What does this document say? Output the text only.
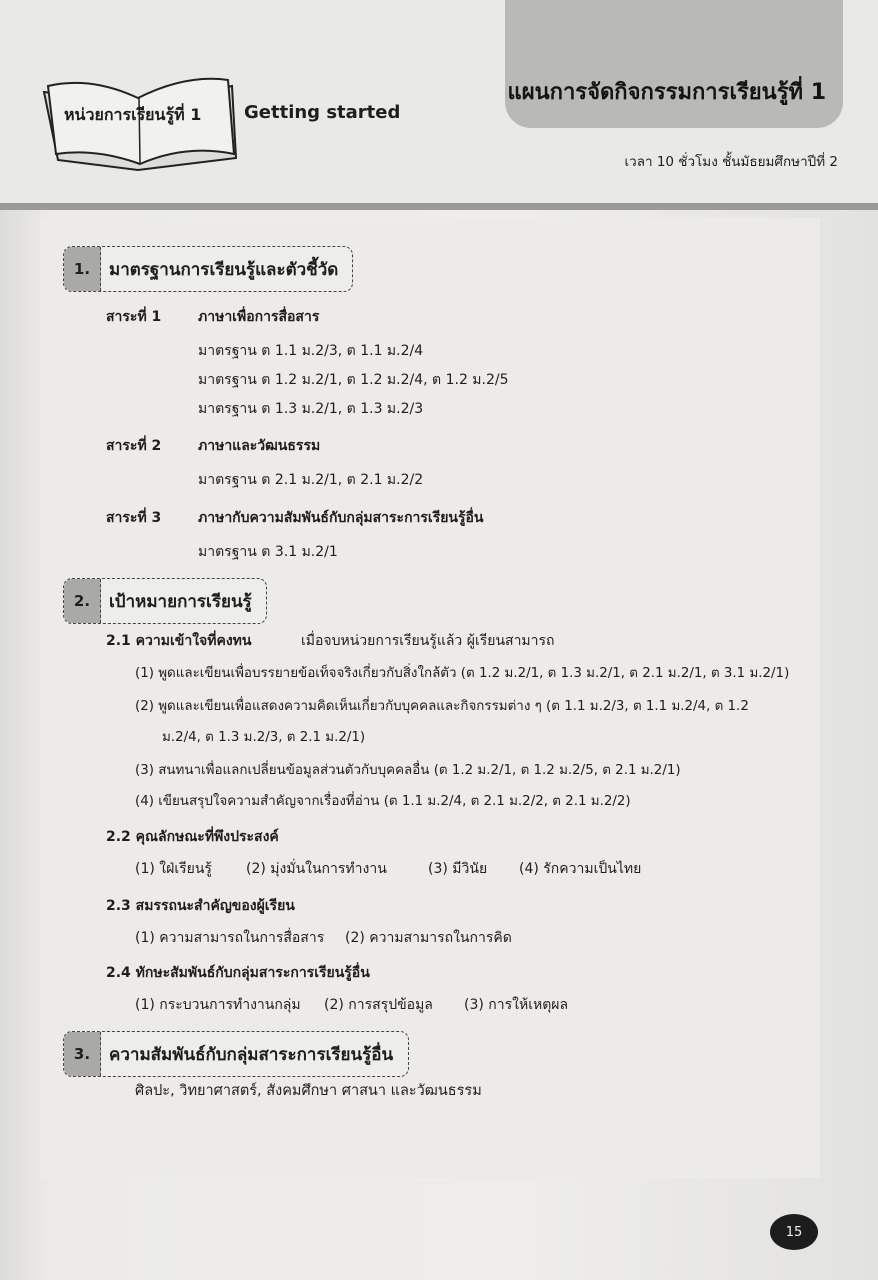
แผนการจัดกิจกรรมการเรียนรู้ที่ 1
หน่วยการเรียนรู้ที่ 1 Getting started
เวลา 10 ชั่วโมง ชั้นมัธยมศึกษาปีที่ 2
1.	มาตรฐานการเรียนรู้และตัวชี้วัด
สาระที่ 1	ภาษาเพื่อการสื่อสาร
มาตรฐาน ต 1.1 ม.2/3, ต 1.1 ม.2/4
มาตรฐาน ต 1.2 ม.2/1, ต 1.2 ม.2/4, ต 1.2 ม.2/5
มาตรฐาน ต 1.3 ม.2/1, ต 1.3 ม.2/3
สาระที่ 2	ภาษาและวัฒนธรรม
มาตรฐาน ต 2.1 ม.2/1, ต 2.1 ม.2/2
สาระที่ 3	ภาษากับความสัมพันธ์กับกลุ่มสาระการเรียนรู้อื่น
มาตรฐาน ต 3.1 ม.2/1
2.	เป้าหมายการเรียนรู้
2.1 ความเข้าใจที่คงทน	เมื่อจบหน่วยการเรียนรู้แล้ว ผู้เรียนสามารถ
(1) พูดและเขียนเพื่อบรรยายข้อเท็จจริงเกี่ยวกับสิ่งใกล้ตัว (ต 1.2 ม.2/1, ต 1.3 ม.2/1, ต 2.1 ม.2/1, ต 3.1 ม.2/1)
(2) พูดและเขียนเพื่อแสดงความคิดเห็นเกี่ยวกับบุคคลและกิจกรรมต่าง ๆ (ต 1.1 ม.2/3, ต 1.1 ม.2/4, ต 1.2
ม.2/4, ต 1.3 ม.2/3, ต 2.1 ม.2/1)
(3) สนทนาเพื่อแลกเปลี่ยนข้อมูลส่วนตัวกับบุคคลอื่น (ต 1.2 ม.2/1, ต 1.2 ม.2/5, ต 2.1 ม.2/1)
(4) เขียนสรุปใจความสำคัญจากเรื่องที่อ่าน (ต 1.1 ม.2/4, ต 2.1 ม.2/2, ต 2.1 ม.2/2)
2.2 คุณลักษณะที่พึงประสงค์
(1) ใฝ่เรียนรู้ (2) มุ่งมั่นในการทำงาน	(3) มีวินัย (4) รักความเป็นไทย
2.3 สมรรถนะสำคัญของผู้เรียน
(1) ความสามารถในการสื่อสาร (2) ความสามารถในการคิด
2.4 ทักษะสัมพันธ์กับกลุ่มสาระการเรียนรู้อื่น
(1) กระบวนการทำงานกลุ่ม (2) การสรุปข้อมูล (3) การให้เหตุผล
3.	ความสัมพันธ์กับกลุ่มสาระการเรียนรู้อื่น
ศิลปะ, วิทยาศาสตร์, สังคมศึกษา ศาสนา และวัฒนธรรม
15
